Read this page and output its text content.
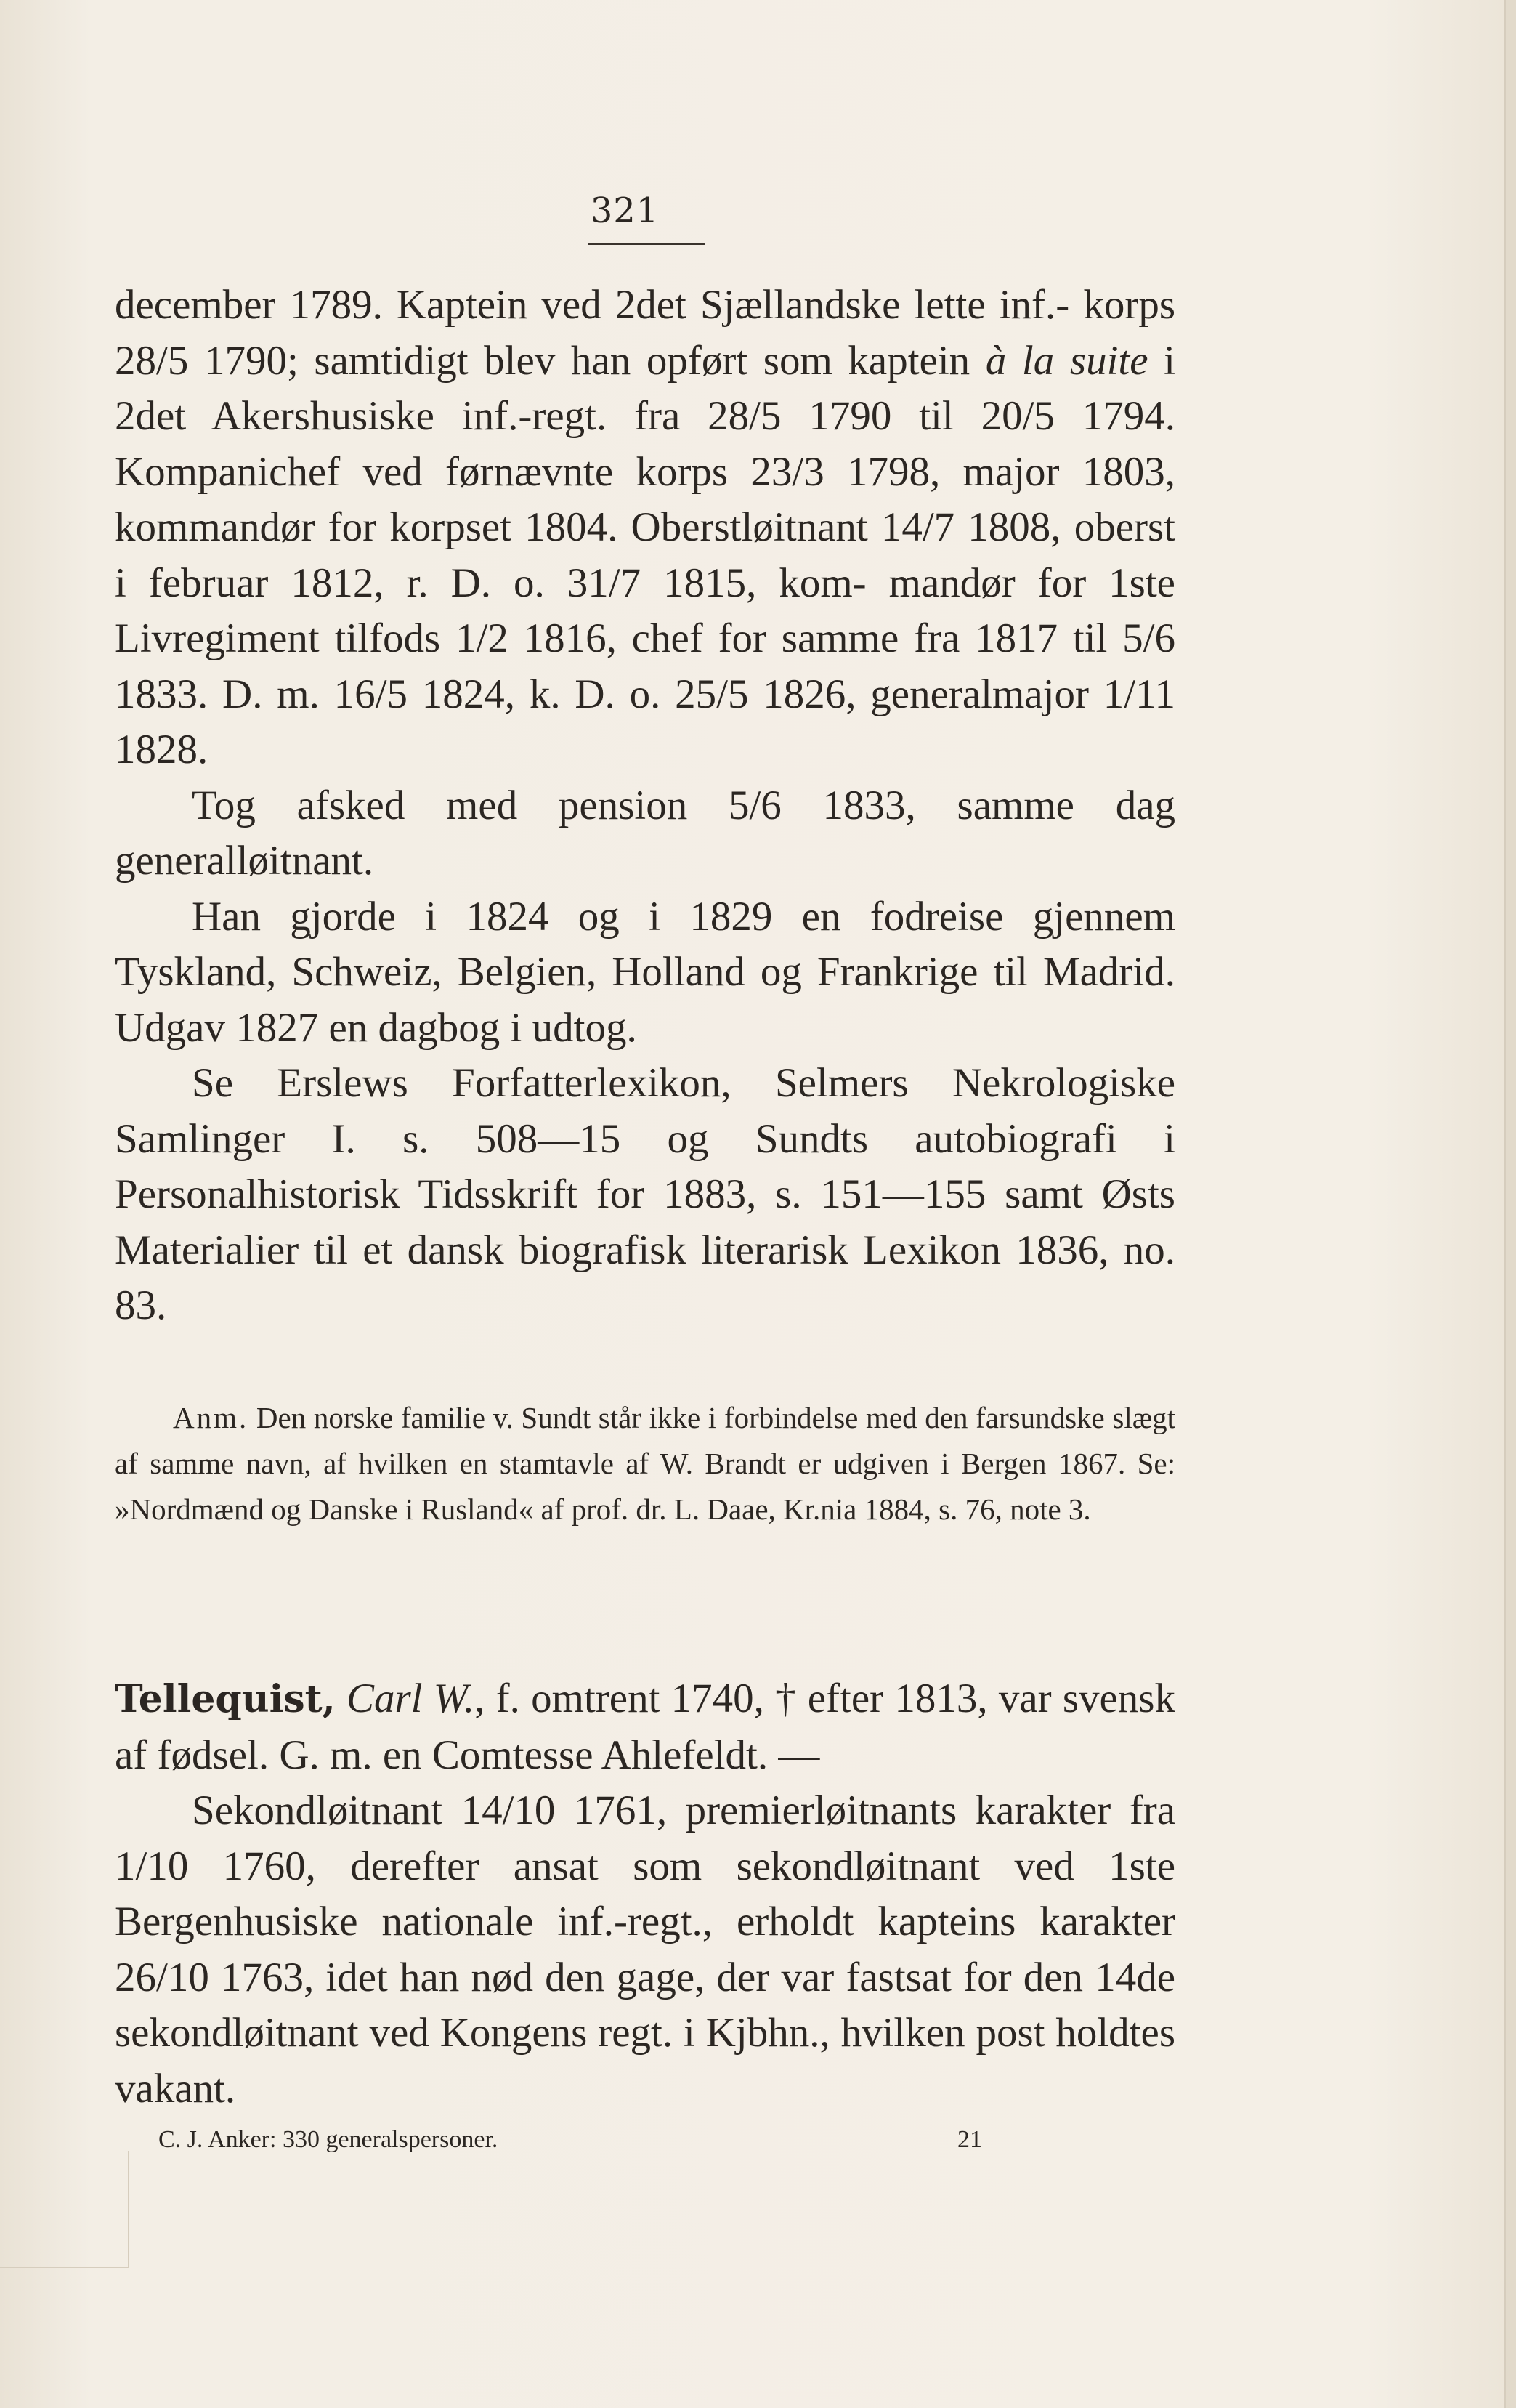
321

december 1789. Kaptein ved 2det Sjællandske lette inf.- korps 28/5 1790; samtidigt blev han opført som kaptein à la suite i 2det Akershusiske inf.-regt. fra 28/5 1790 til 20/5 1794. Kompanichef ved førnævnte korps 23/3 1798, major 1803, kommandør for korpset 1804. Oberstløitnant 14/7 1808, oberst i februar 1812, r. D. o. 31/7 1815, kom- mandør for 1ste Livregiment tilfods 1/2 1816, chef for samme fra 1817 til 5/6 1833. D. m. 16/5 1824, k. D. o. 25/5 1826, generalmajor 1/11 1828.

Tog afsked med pension 5/6 1833, samme dag generalløitnant.

Han gjorde i 1824 og i 1829 en fodreise gjennem Tyskland, Schweiz, Belgien, Holland og Frankrige til Madrid. Udgav 1827 en dagbog i udtog.

Se Erslews Forfatterlexikon, Selmers Nekrologiske Samlinger I. s. 508—15 og Sundts autobiografi i Personalhistorisk Tidsskrift for 1883, s. 151—155 samt Østs Materialier til et dansk biografisk literarisk Lexikon 1836, no. 83.

Anm. Den norske familie v. Sundt står ikke i forbindelse med den farsundske slægt af samme navn, af hvilken en stamtavle af W. Brandt er udgiven i Bergen 1867. Se: »Nordmænd og Danske i Rusland« af prof. dr. L. Daae, Kr.nia 1884, s. 76, note 3.

Tellequist, Carl W., f. omtrent 1740, † efter 1813, var svensk af fødsel. G. m. en Comtesse Ahlefeldt. —

Sekondløitnant 14/10 1761, premierløitnants karakter fra 1/10 1760, derefter ansat som sekondløitnant ved 1ste Bergenhusiske nationale inf.-regt., erholdt kapteins karakter 26/10 1763, idet han nød den gage, der var fastsat for den 14de sekondløitnant ved Kongens regt. i Kjbhn., hvilken post holdtes vakant.

C. J. Anker: 330 generalspersoner.	21
